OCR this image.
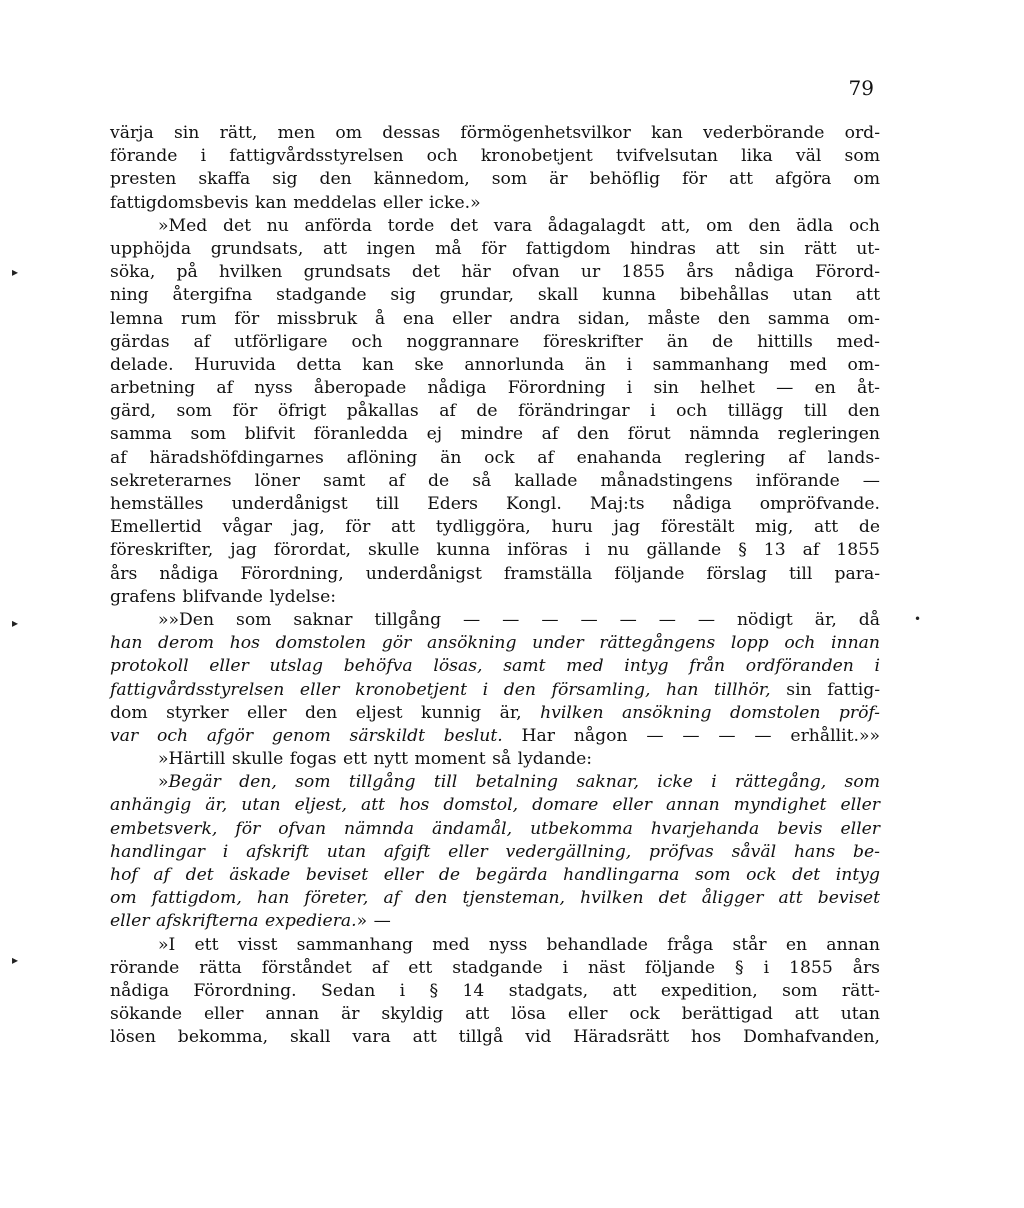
79
värja sin rätt, men om dessas förmögenhetsvilkor kan vederbörande ord-
förande i fattigvårdsstyrelsen och kronobetjent tvifvelsutan lika väl som
presten skaffa sig den kännedom, som är behöflig för att afgöra om
fattigdomsbevis kan meddelas eller icke.»
»Med det nu anförda torde det vara ådagalagdt att, om den ädla och
upphöjda grundsats, att ingen må för fattigdom hindras att sin rätt ut-
söka, på hvilken grundsats det här ofvan ur 1855 års nådiga Förord-
ning återgifna stadgande sig grundar, skall kunna bibehållas utan att
lemna rum för missbruk å ena eller andra sidan, måste den samma om-
gärdas af utförligare och noggrannare föreskrifter än de hittills med-
delade. Huruvida detta kan ske annorlunda än i sammanhang med om-
arbetning af nyss åberopade nådiga Förordning i sin helhet — en åt-
gärd, som för öfrigt påkallas af de förändringar i och tillägg till den
samma som blifvit föranledda ej mindre af den förut nämnda regleringen
af häradshöfdingarnes aflöning än ock af enahanda reglering af lands-
sekreterarnes löner samt af de så kallade månadstingens införande —
hemställes underdånigst till Eders Kongl. Maj:ts nådiga ompröfvande.
Emellertid vågar jag, för att tydliggöra, huru jag förestält mig, att de
föreskrifter, jag förordat, skulle kunna införas i nu gällande § 13 af 1855
års nådiga Förordning, underdånigst framställa följande förslag till para-
grafens blifvande lydelse:
»»Den som saknar tillgång — — — — — — — nödigt är, då
han derom hos domstolen gör ansökning under rättegångens lopp och innan
protokoll eller utslag behöfva lösas, samt med intyg från ordföranden i
fattigvårdsstyrelsen eller kronobetjent i den församling, han tillhör, sin fattig-
dom styrker eller den eljest kunnig är, hvilken ansökning domstolen pröf-
var och afgör genom särskildt beslut. Har någon — — — — erhållit.»»
»Härtill skulle fogas ett nytt moment så lydande:
»Begär den, som tillgång till betalning saknar, icke i rättegång, som
anhängig är, utan eljest, att hos domstol, domare eller annan myndighet eller
embetsverk, för ofvan nämnda ändamål, utbekomma hvarjehanda bevis eller
handlingar i afskrift utan afgift eller vedergällning, pröfvas såväl hans be-
hof af det äskade beviset eller de begärda handlingarna som ock det intyg
om fattigdom, han företer, af den tjensteman, hvilken det åligger att beviset
eller afskrifterna expediera.» —
»I ett visst sammanhang med nyss behandlade fråga står en annan
rörande rätta förståndet af ett stadgande i näst följande § i 1855 års
nådiga Förordning. Sedan i § 14 stadgats, att expedition, som rätt-
sökande eller annan är skyldig att lösa eller ock berättigad att utan
lösen bekomma, skall vara att tillgå vid Häradsrätt hos Domhafvanden,
▸
▸
▸
•
